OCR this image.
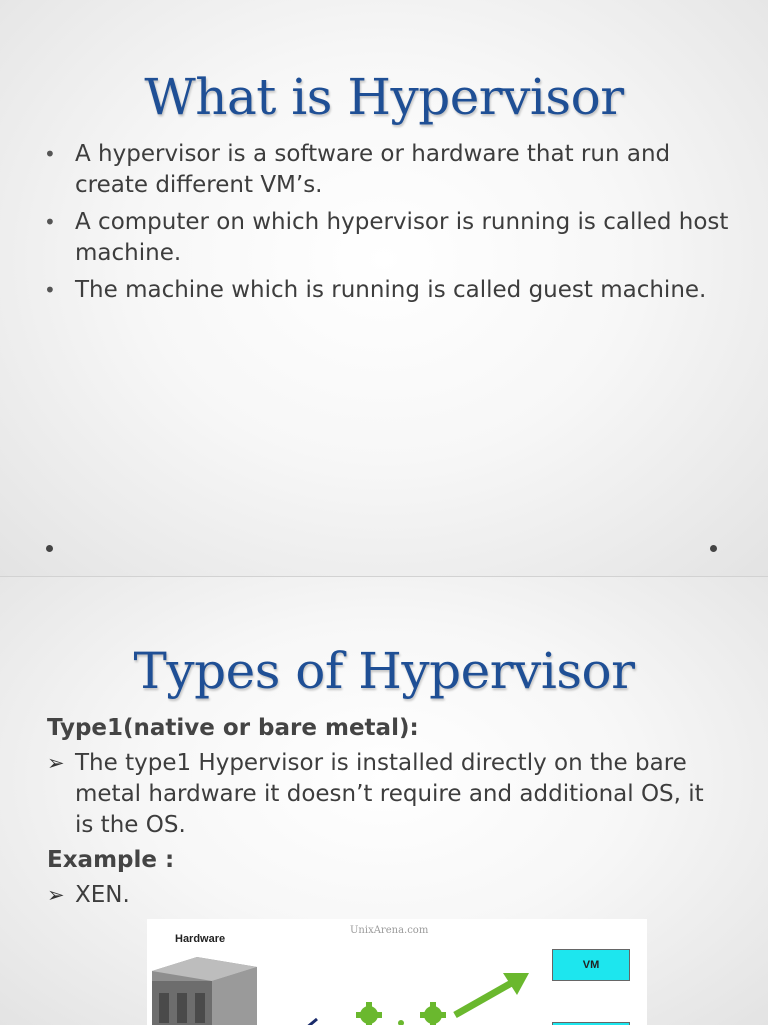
What is Hypervisor
• A hypervisor is a software or hardware that run and create different VM’s.
• A computer on which hypervisor is running is called host machine.
• The machine which is running is called guest machine.
Types of Hypervisor
Type1(native or bare metal):
➢ The type1 Hypervisor is installed directly on the bare metal hardware it doesn’t require and additional OS, it is the OS.
Example :
➢ XEN.
Hardware
UnixArena.com
VM
